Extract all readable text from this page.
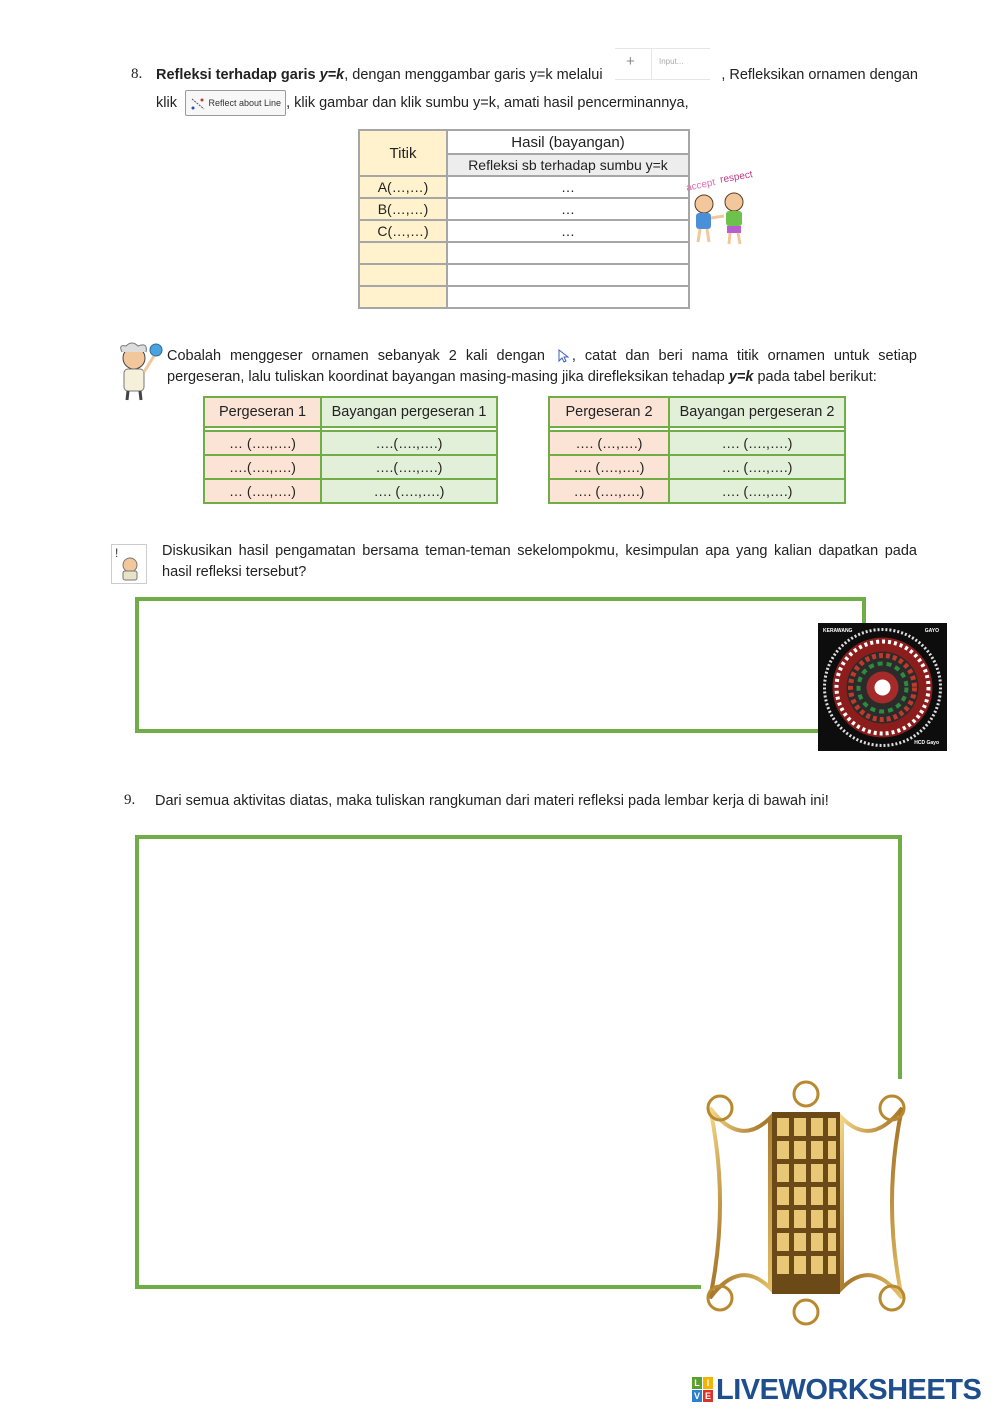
8. Refleksi terhadap garis y=k, dengan menggambar garis y=k melalui
+	Input...
, Refleksikan ornamen dengan
klik	Reflect about Line , klik gambar dan klik sumbu y=k, amati hasil pencerminannya,
Titik	Hasil (bayangan)
	Refleksi sb terhadap sumbu y=k
A(…,…)	…
B(…,…)	…
C(…,…)	…

accept respect
Cobalah menggeser ornamen sebanyak 2 kali dengan , catat dan beri nama titik ornamen untuk setiap pergeseran, lalu tuliskan koordinat bayangan masing-masing jika direfleksikan tehadap y=k pada tabel berikut:
Pergeseran 1	Bayangan pergeseran 1

… (….,….)	….(….,….)
….(….,….)	….(….,….)
… (….,….)	…. (….,….)
Pergeseran 2	Bayangan pergeseran 2

…. (…,….)	…. (….,….)
…. (….,….)	…. (….,….)
…. (….,….)	…. (….,….)
!	Diskusikan hasil pengamatan bersama teman-teman sekelompokmu, kesimpulan apa yang kalian dapatkan pada hasil refleksi tersebut?
KERAWANG	GAYO
HCD Gayo
9. Dari semua aktivitas diatas, maka tuliskan rangkuman dari materi refleksi pada lembar kerja di bawah ini!
L I
V E LIVEWORKSHEETS
